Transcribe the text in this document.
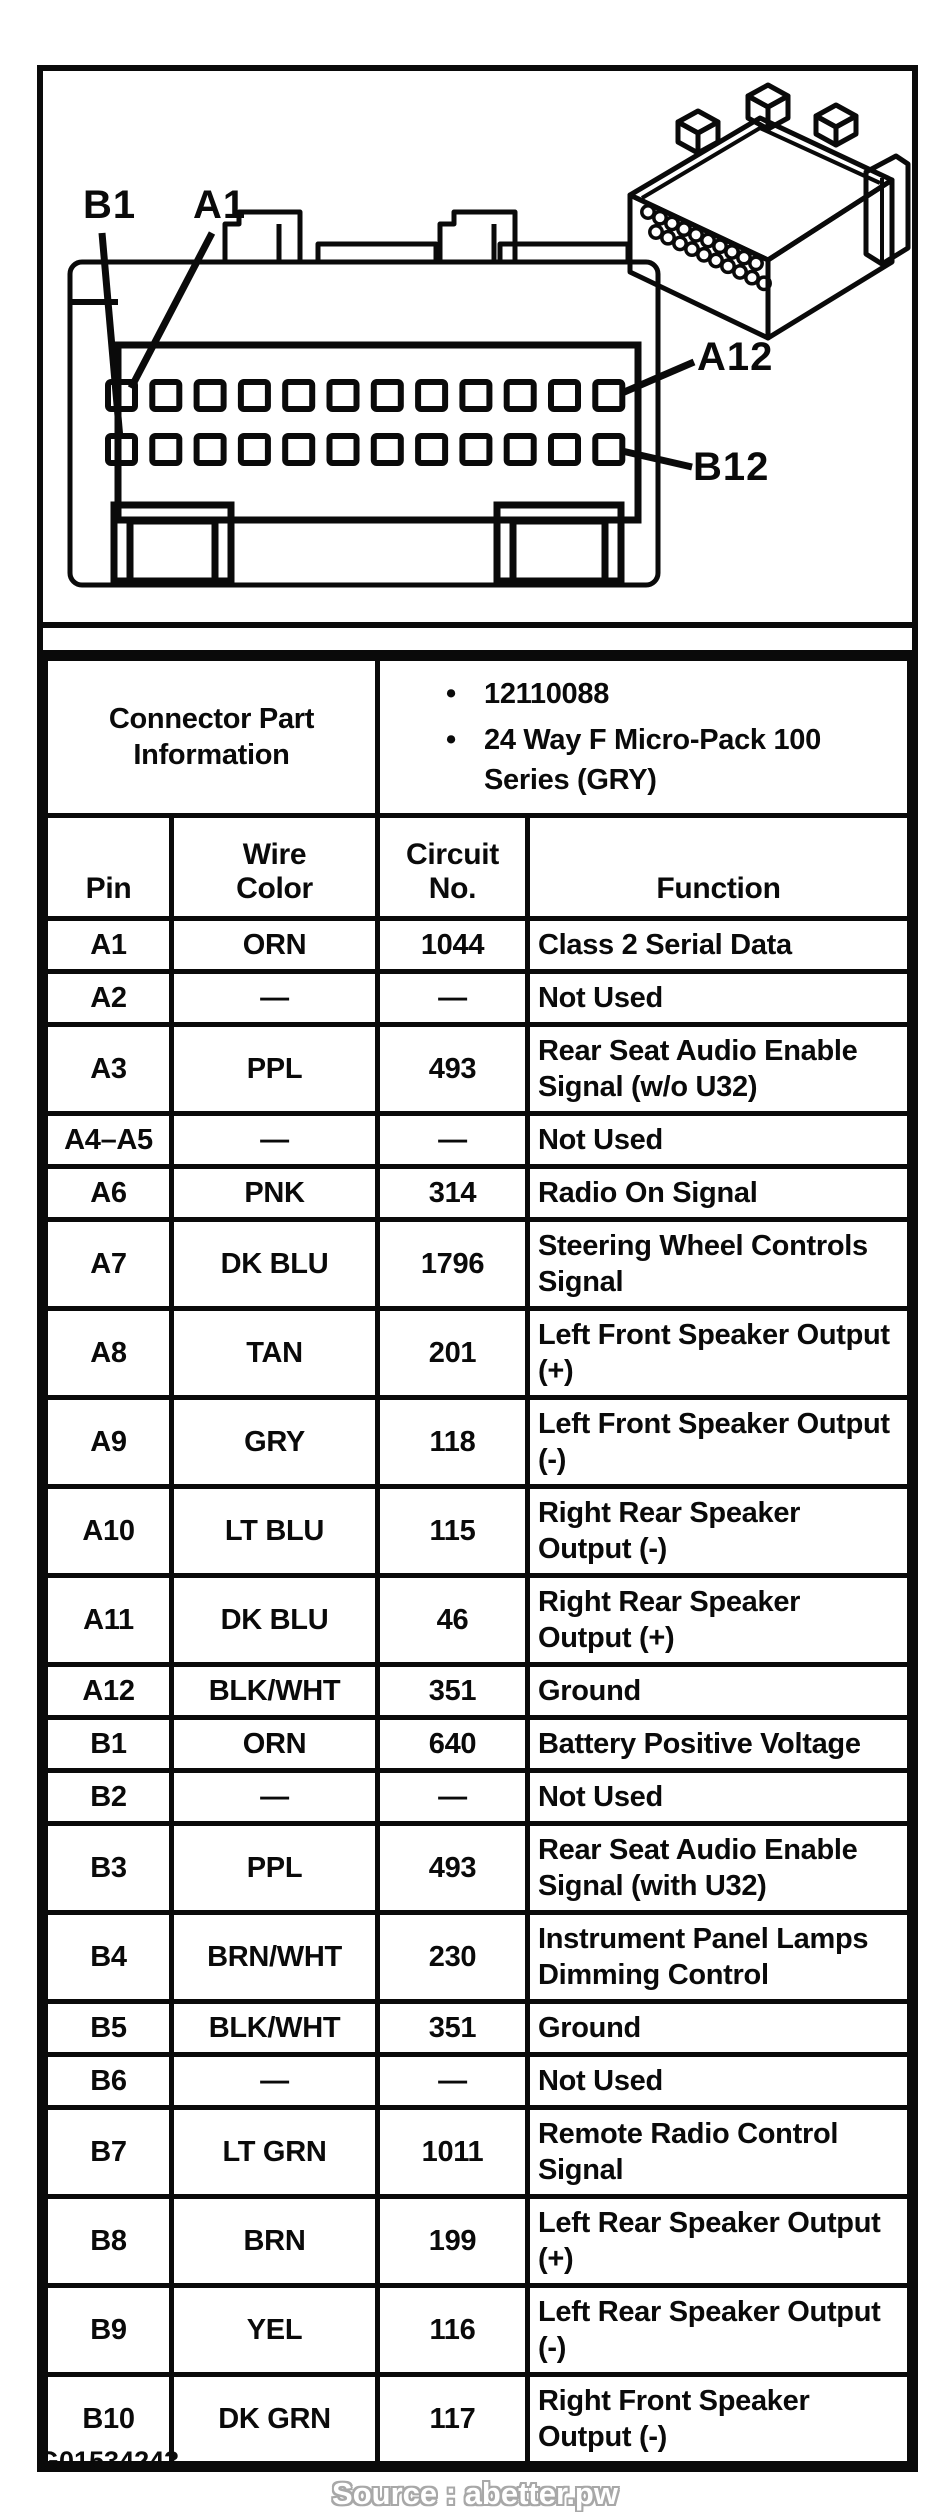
B1 A1
A12
B12
Connector Part Information		• 12110088
• 24 Way F Micro-Pack 100 Series (GRY)

Pin	Wire Color	Circuit No.	Function
A1	ORN	1044	Class 2 Serial Data
A2	—	—	Not Used
A3	PPL	493	Rear Seat Audio Enable Signal (w/o U32)
A4–A5	—	—	Not Used
A6	PNK	314	Radio On Signal
A7	DK BLU	1796	Steering Wheel Controls Signal
A8	TAN	201	Left Front Speaker Output (+)
A9	GRY	118	Left Front Speaker Output (-)
A10	LT BLU	115	Right Rear Speaker Output (-)
A11	DK BLU	46	Right Rear Speaker Output (+)
A12	BLK/WHT	351	Ground
B1	ORN	640	Battery Positive Voltage
B2	—	—	Not Used
B3	PPL	493	Rear Seat Audio Enable Signal (with U32)
B4	BRN/WHT	230	Instrument Panel Lamps Dimming Control
B5	BLK/WHT	351	Ground
B6	—	—	Not Used
B7	LT GRN	1011	Remote Radio Control Signal
B8	BRN	199	Left Rear Speaker Output (+)
B9	YEL	116	Left Rear Speaker Output (-)
B10	DK GRN	117	Right Front Speaker Output (-)
G01534243
Source : abetter.pw
